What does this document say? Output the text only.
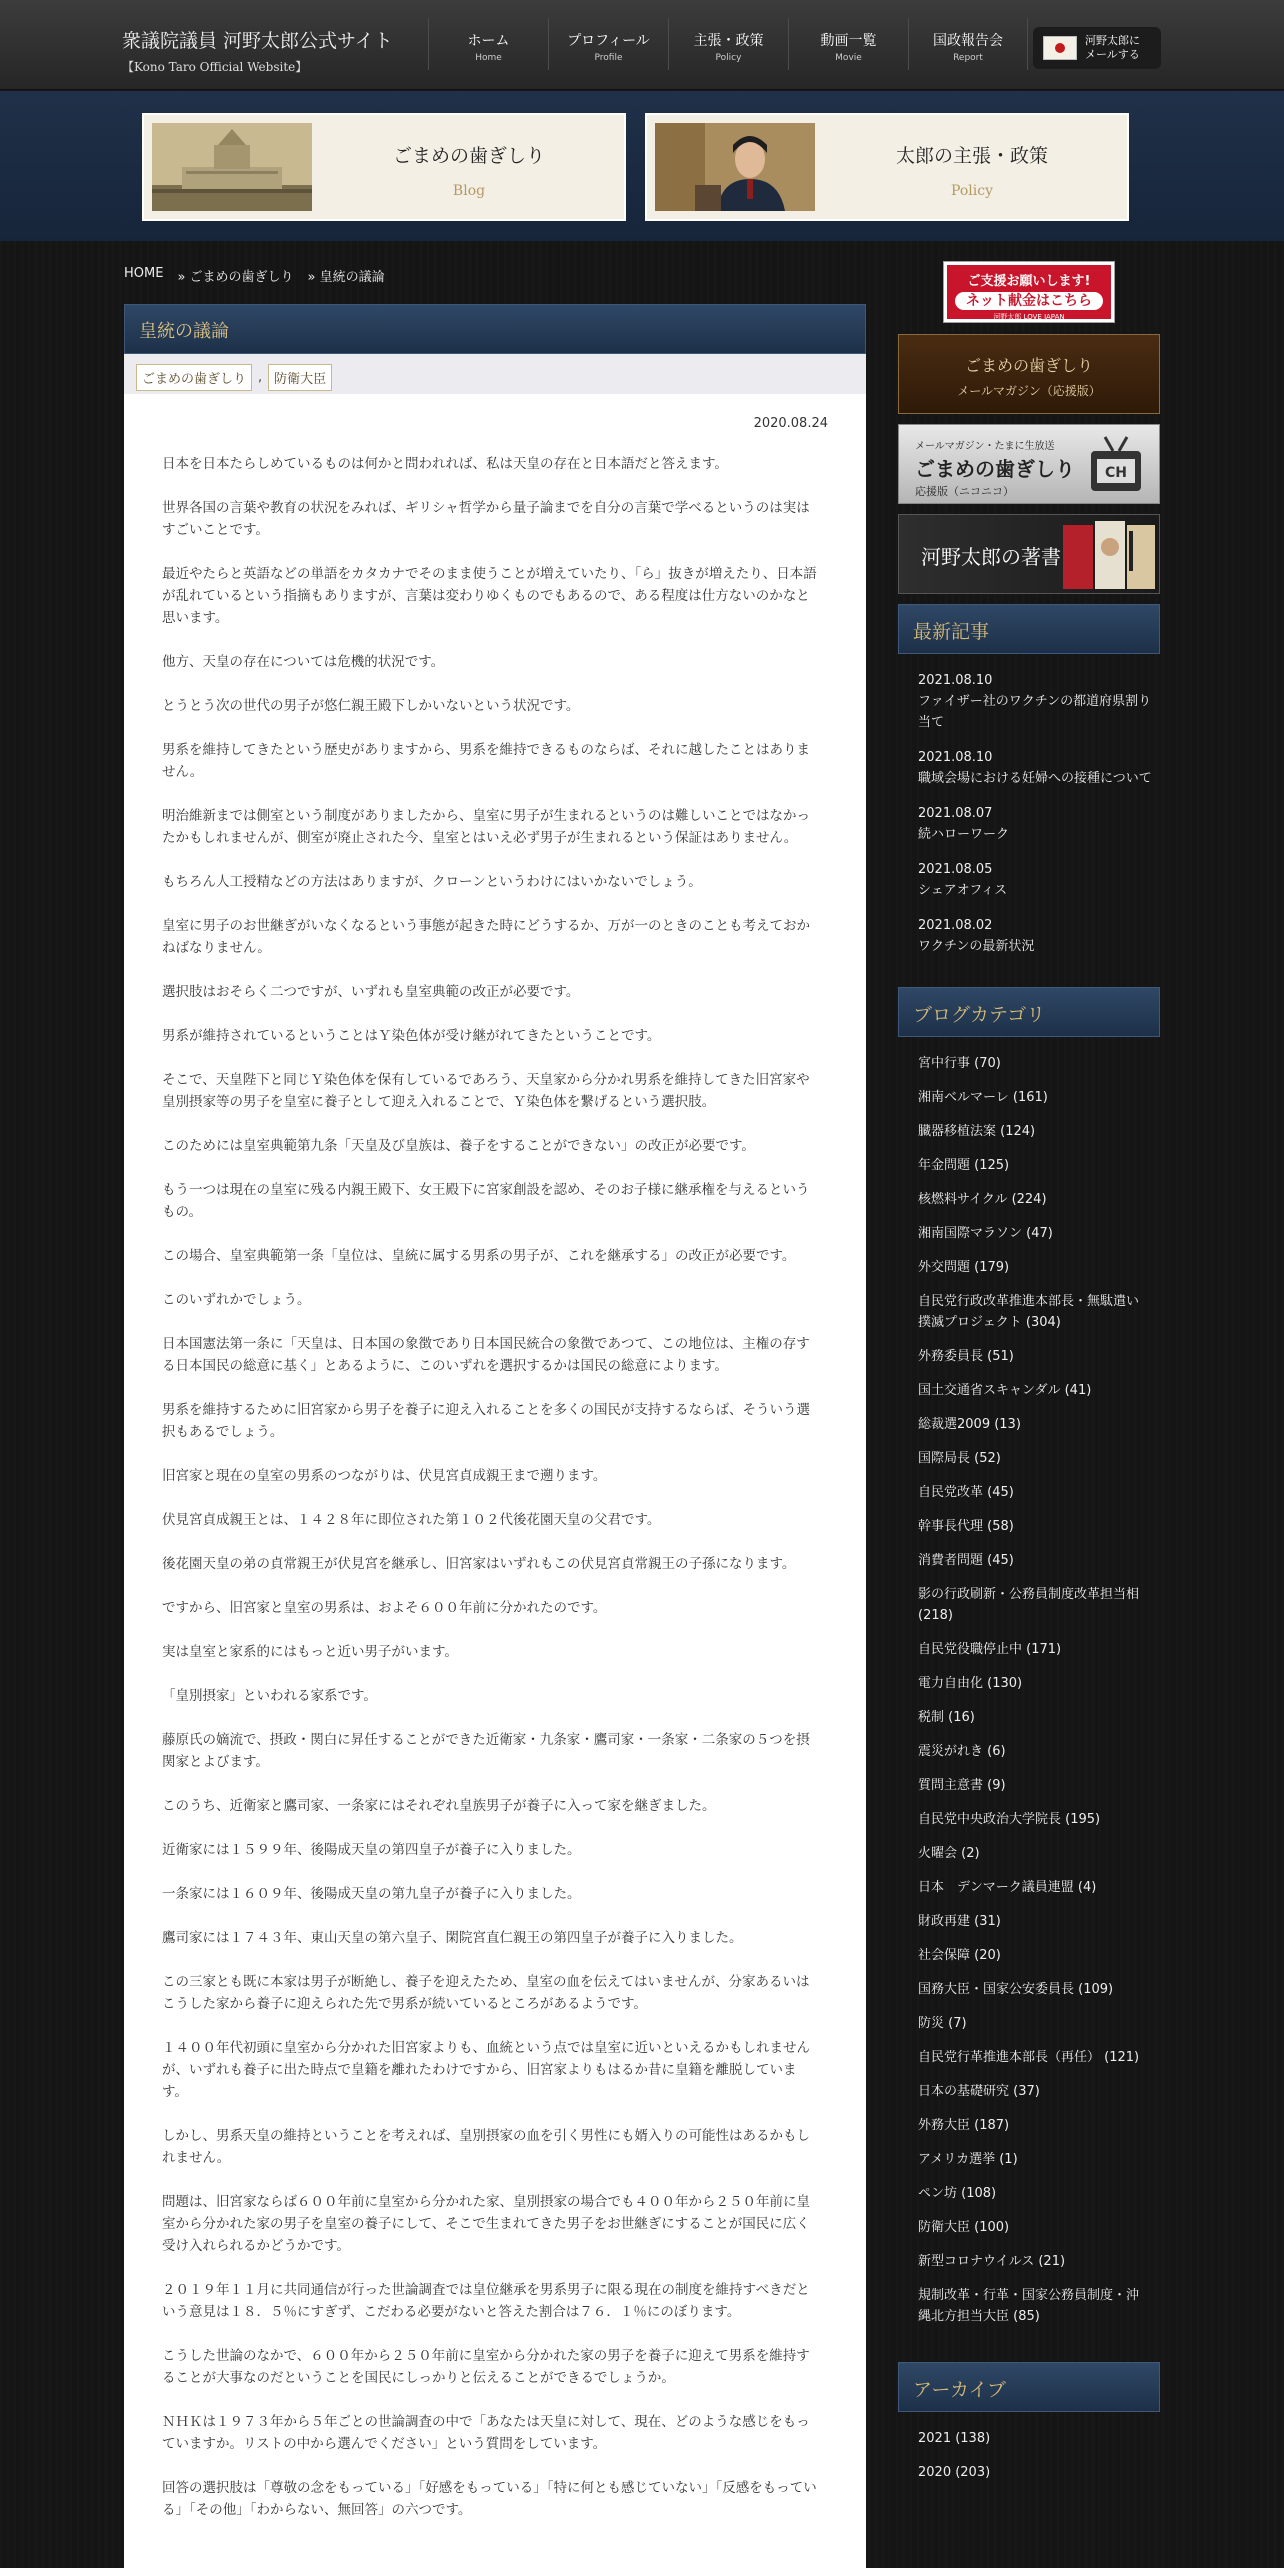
衆議院議員 河野太郎公式サイト
【Kono Taro Official Website】
ホーム
Home
プロフィール
Profile
主張・政策
Policy
動画一覧
Movie
国政報告会
Report
河野太郎に
メールする
ごまめの歯ぎしり
Blog
太郎の主張・政策
Policy
HOME » ごまめの歯ぎしり » 皇統の議論
皇統の議論
ごまめの歯ぎしり , 防衛大臣
2020.08.24

日本を日本たらしめているものは何かと問われれば、私は天皇の存在と日本語だと答えます。

世界各国の言葉や教育の状況をみれば、ギリシャ哲学から量子論までを自分の言葉で学べるというのは実はすごいことです。

最近やたらと英語などの単語をカタカナでそのまま使うことが増えていたり、「ら」抜きが増えたり、日本語が乱れているという指摘もありますが、言葉は変わりゆくものでもあるので、ある程度は仕方ないのかなと思います。

他方、天皇の存在については危機的状況です。

とうとう次の世代の男子が悠仁親王殿下しかいないという状況です。

男系を維持してきたという歴史がありますから、男系を維持できるものならば、それに越したことはありません。

明治維新までは側室という制度がありましたから、皇室に男子が生まれるというのは難しいことではなかったかもしれませんが、側室が廃止された今、皇室とはいえ必ず男子が生まれるという保証はありません。

もちろん人工授精などの方法はありますが、クローンというわけにはいかないでしょう。

皇室に男子のお世継ぎがいなくなるという事態が起きた時にどうするか、万が一のときのことも考えておかねばなりません。

選択肢はおそらく二つですが、いずれも皇室典範の改正が必要です。

男系が維持されているということはＹ染色体が受け継がれてきたということです。

そこで、天皇陛下と同じＹ染色体を保有しているであろう、天皇家から分かれ男系を維持してきた旧宮家や皇別摂家等の男子を皇室に養子として迎え入れることで、Ｙ染色体を繋げるという選択肢。

このためには皇室典範第九条「天皇及び皇族は、養子をすることができない」の改正が必要です。

もう一つは現在の皇室に残る内親王殿下、女王殿下に宮家創設を認め、そのお子様に継承権を与えるというもの。

この場合、皇室典範第一条「皇位は、皇統に属する男系の男子が、これを継承する」の改正が必要です。

このいずれかでしょう。

日本国憲法第一条に「天皇は、日本国の象徴であり日本国民統合の象徴であつて、この地位は、主権の存する日本国民の総意に基く」とあるように、このいずれを選択するかは国民の総意によります。

男系を維持するために旧宮家から男子を養子に迎え入れることを多くの国民が支持するならば、そういう選択もあるでしょう。

旧宮家と現在の皇室の男系のつながりは、伏見宮貞成親王まで遡ります。

伏見宮貞成親王とは、１４２８年に即位された第１０２代後花園天皇の父君です。

後花園天皇の弟の貞常親王が伏見宮を継承し、旧宮家はいずれもこの伏見宮貞常親王の子孫になります。

ですから、旧宮家と皇室の男系は、およそ６００年前に分かれたのです。

実は皇室と家系的にはもっと近い男子がいます。

「皇別摂家」といわれる家系です。

藤原氏の嫡流で、摂政・関白に昇任することができた近衛家・九条家・鷹司家・一条家・二条家の５つを摂関家とよびます。

このうち、近衛家と鷹司家、一条家にはそれぞれ皇族男子が養子に入って家を継ぎました。

近衛家には１５９９年、後陽成天皇の第四皇子が養子に入りました。

一条家には１６０９年、後陽成天皇の第九皇子が養子に入りました。

鷹司家には１７４３年、東山天皇の第六皇子、閑院宮直仁親王の第四皇子が養子に入りました。

この三家とも既に本家は男子が断絶し、養子を迎えたため、皇室の血を伝えてはいませんが、分家あるいはこうした家から養子に迎えられた先で男系が続いているところがあるようです。

１４００年代初頭に皇室から分かれた旧宮家よりも、血統という点では皇室に近いといえるかもしれませんが、いずれも養子に出た時点で皇籍を離れたわけですから、旧宮家よりもはるか昔に皇籍を離脱しています。

しかし、男系天皇の維持ということを考えれば、皇別摂家の血を引く男性にも婿入りの可能性はあるかもしれません。

問題は、旧宮家ならば６００年前に皇室から分かれた家、皇別摂家の場合でも４００年から２５０年前に皇室から分かれた家の男子を皇室の養子にして、そこで生まれてきた男子をお世継ぎにすることが国民に広く受け入れられるかどうかです。

２０１９年１１月に共同通信が行った世論調査では皇位継承を男系男子に限る現在の制度を維持すべきだという意見は１８．５％にすぎず、こだわる必要がないと答えた割合は７６．１％にのぼります。

こうした世論のなかで、６００年から２５０年前に皇室から分かれた家の男子を養子に迎えて男系を維持することが大事なのだということを国民にしっかりと伝えることができるでしょうか。

ＮＨＫは１９７３年から５年ごとの世論調査の中で「あなたは天皇に対して、現在、どのような感じをもっていますか。リストの中から選んでください」という質問をしています。

回答の選択肢は「尊敬の念をもっている」「好感をもっている」「特に何とも感じていない」「反感をもっている」「その他」「わからない、無回答」の六つです。

ご支援お願いします!
ネット献金はこちら
河野太郎 LOVE JAPAN
ごまめの歯ぎしり
メールマガジン（応援版）
メールマガジン・たまに生放送
ごまめの歯ぎしり
応援版（ニコニコ）
CH
河野太郎の著書
最新記事
2021.08.10
ファイザー社のワクチンの都道府県割り当て
2021.08.10
職域会場における妊婦への接種について
2021.08.07
続ハローワーク
2021.08.05
シェアオフィス
2021.08.02
ワクチンの最新状況
ブログカテゴリ
宮中行事 (70)
湘南ベルマーレ (161)
臓器移植法案 (124)
年金問題 (125)
核燃料サイクル (224)
湘南国際マラソン (47)
外交問題 (179)
自民党行政改革推進本部長・無駄遣い撲滅プロジェクト (304)
外務委員長 (51)
国土交通省スキャンダル (41)
総裁選2009 (13)
国際局長 (52)
自民党改革 (45)
幹事長代理 (58)
消費者問題 (45)
影の行政刷新・公務員制度改革担当相 (218)
自民党役職停止中 (171)
電力自由化 (130)
税制 (16)
震災がれき (6)
質問主意書 (9)
自民党中央政治大学院長 (195)
火曜会 (2)
日本　デンマーク議員連盟 (4)
財政再建 (31)
社会保障 (20)
国務大臣・国家公安委員長 (109)
防災 (7)
自民党行革推進本部長（再任） (121)
日本の基礎研究 (37)
外務大臣 (187)
アメリカ選挙 (1)
ペン坊 (108)
防衛大臣 (100)
新型コロナウイルス (21)
規制改革・行革・国家公務員制度・沖縄北方担当大臣 (85)
アーカイブ
2021 (138)
2020 (203)
